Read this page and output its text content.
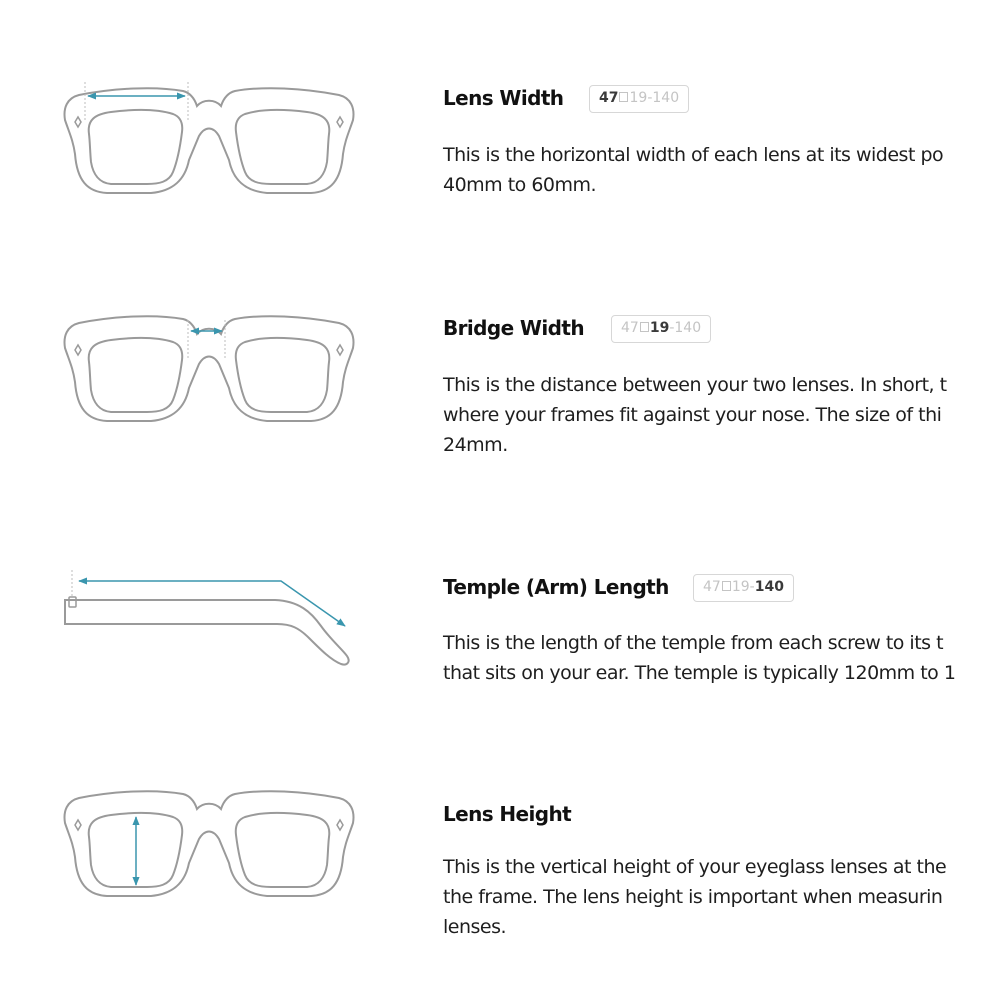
Lens Width	47 19-140
This is the horizontal width of each lens at its widest po
40mm to 60mm.
Bridge Width	47 19-140
This is the distance between your two lenses. In short, t
where your frames fit against your nose. The size of thi
24mm.
Temple (Arm) Length	47 19-140
This is the length of the temple from each screw to its t
that sits on your ear. The temple is typically 120mm to 1
Lens Height
This is the vertical height of your eyeglass lenses at the
the frame. The lens height is important when measurin
lenses.
